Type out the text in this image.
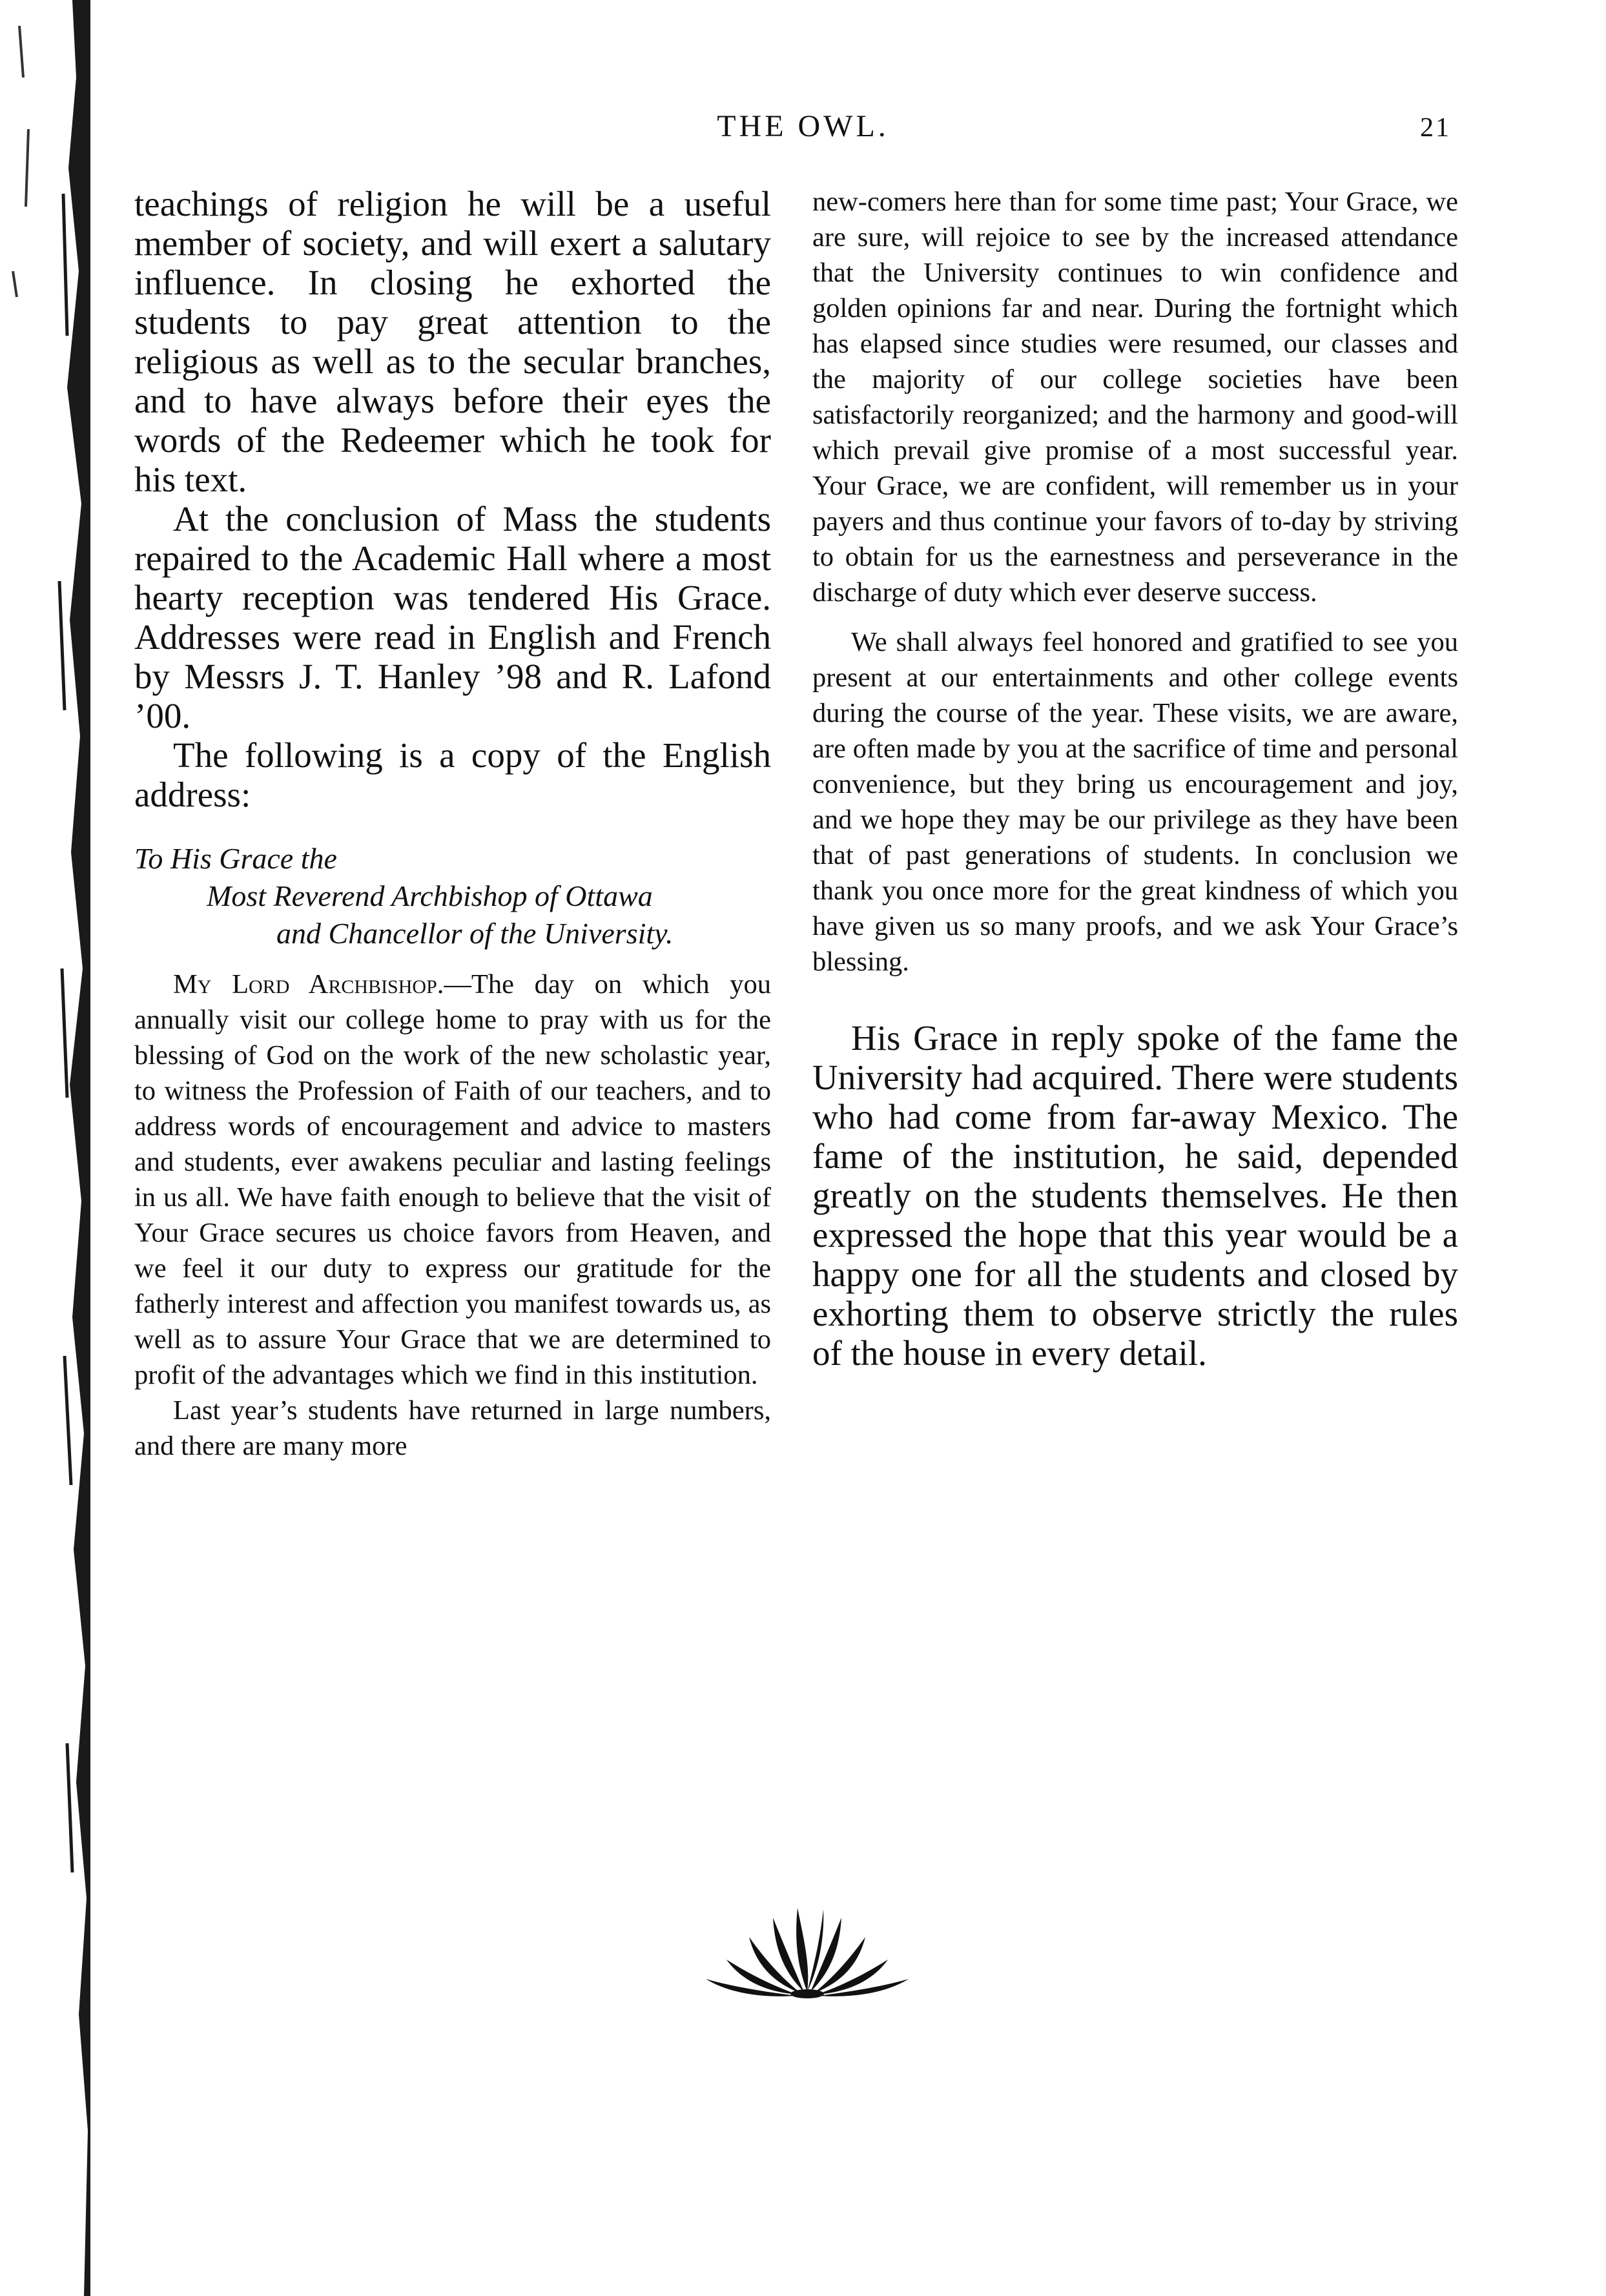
THE OWL.	21

teachings of religion he will be a useful member of society, and will exert a salutary influence. In closing he exhorted the students to pay great attention to the religious as well as to the secular branches, and to have always before their eyes the words of the Redeemer which he took for his text.

At the conclusion of Mass the students repaired to the Academic Hall where a most hearty reception was tendered His Grace. Addresses were read in English and French by Messrs J. T. Hanley ’98 and R. Lafond ’00.

The following is a copy of the English address:

To His Grace the
Most Reverend Archbishop of Ottawa
and Chancellor of the University.

My Lord Archbishop.—The day on which you annually visit our college home to pray with us for the blessing of God on the work of the new scholastic year, to witness the Profession of Faith of our teachers, and to address words of encouragement and advice to masters and students, ever awakens peculiar and lasting feelings in us all. We have faith enough to believe that the visit of Your Grace secures us choice favors from Heaven, and we feel it our duty to express our gratitude for the fatherly interest and affection you manifest towards us, as well as to assure Your Grace that we are determined to profit of the advantages which we find in this institution.

Last year’s students have returned in large numbers, and there are many more

new-comers here than for some time past; Your Grace, we are sure, will rejoice to see by the increased attendance that the University continues to win confidence and golden opinions far and near. During the fortnight which has elapsed since studies were resumed, our classes and the majority of our college societies have been satisfactorily reorganized; and the harmony and good-will which prevail give promise of a most successful year. Your Grace, we are confident, will remember us in your payers and thus continue your favors of to-day by striving to obtain for us the earnestness and perseverance in the discharge of duty which ever deserve success.

We shall always feel honored and gratified to see you present at our entertainments and other college events during the course of the year. These visits, we are aware, are often made by you at the sacrifice of time and personal convenience, but they bring us encouragement and joy, and we hope they may be our privilege as they have been that of past generations of students. In conclusion we thank you once more for the great kindness of which you have given us so many proofs, and we ask Your Grace’s blessing.

His Grace in reply spoke of the fame the University had acquired. There were students who had come from far-away Mexico. The fame of the institution, he said, depended greatly on the students themselves. He then expressed the hope that this year would be a happy one for all the students and closed by exhorting them to observe strictly the rules of the house in every detail.
